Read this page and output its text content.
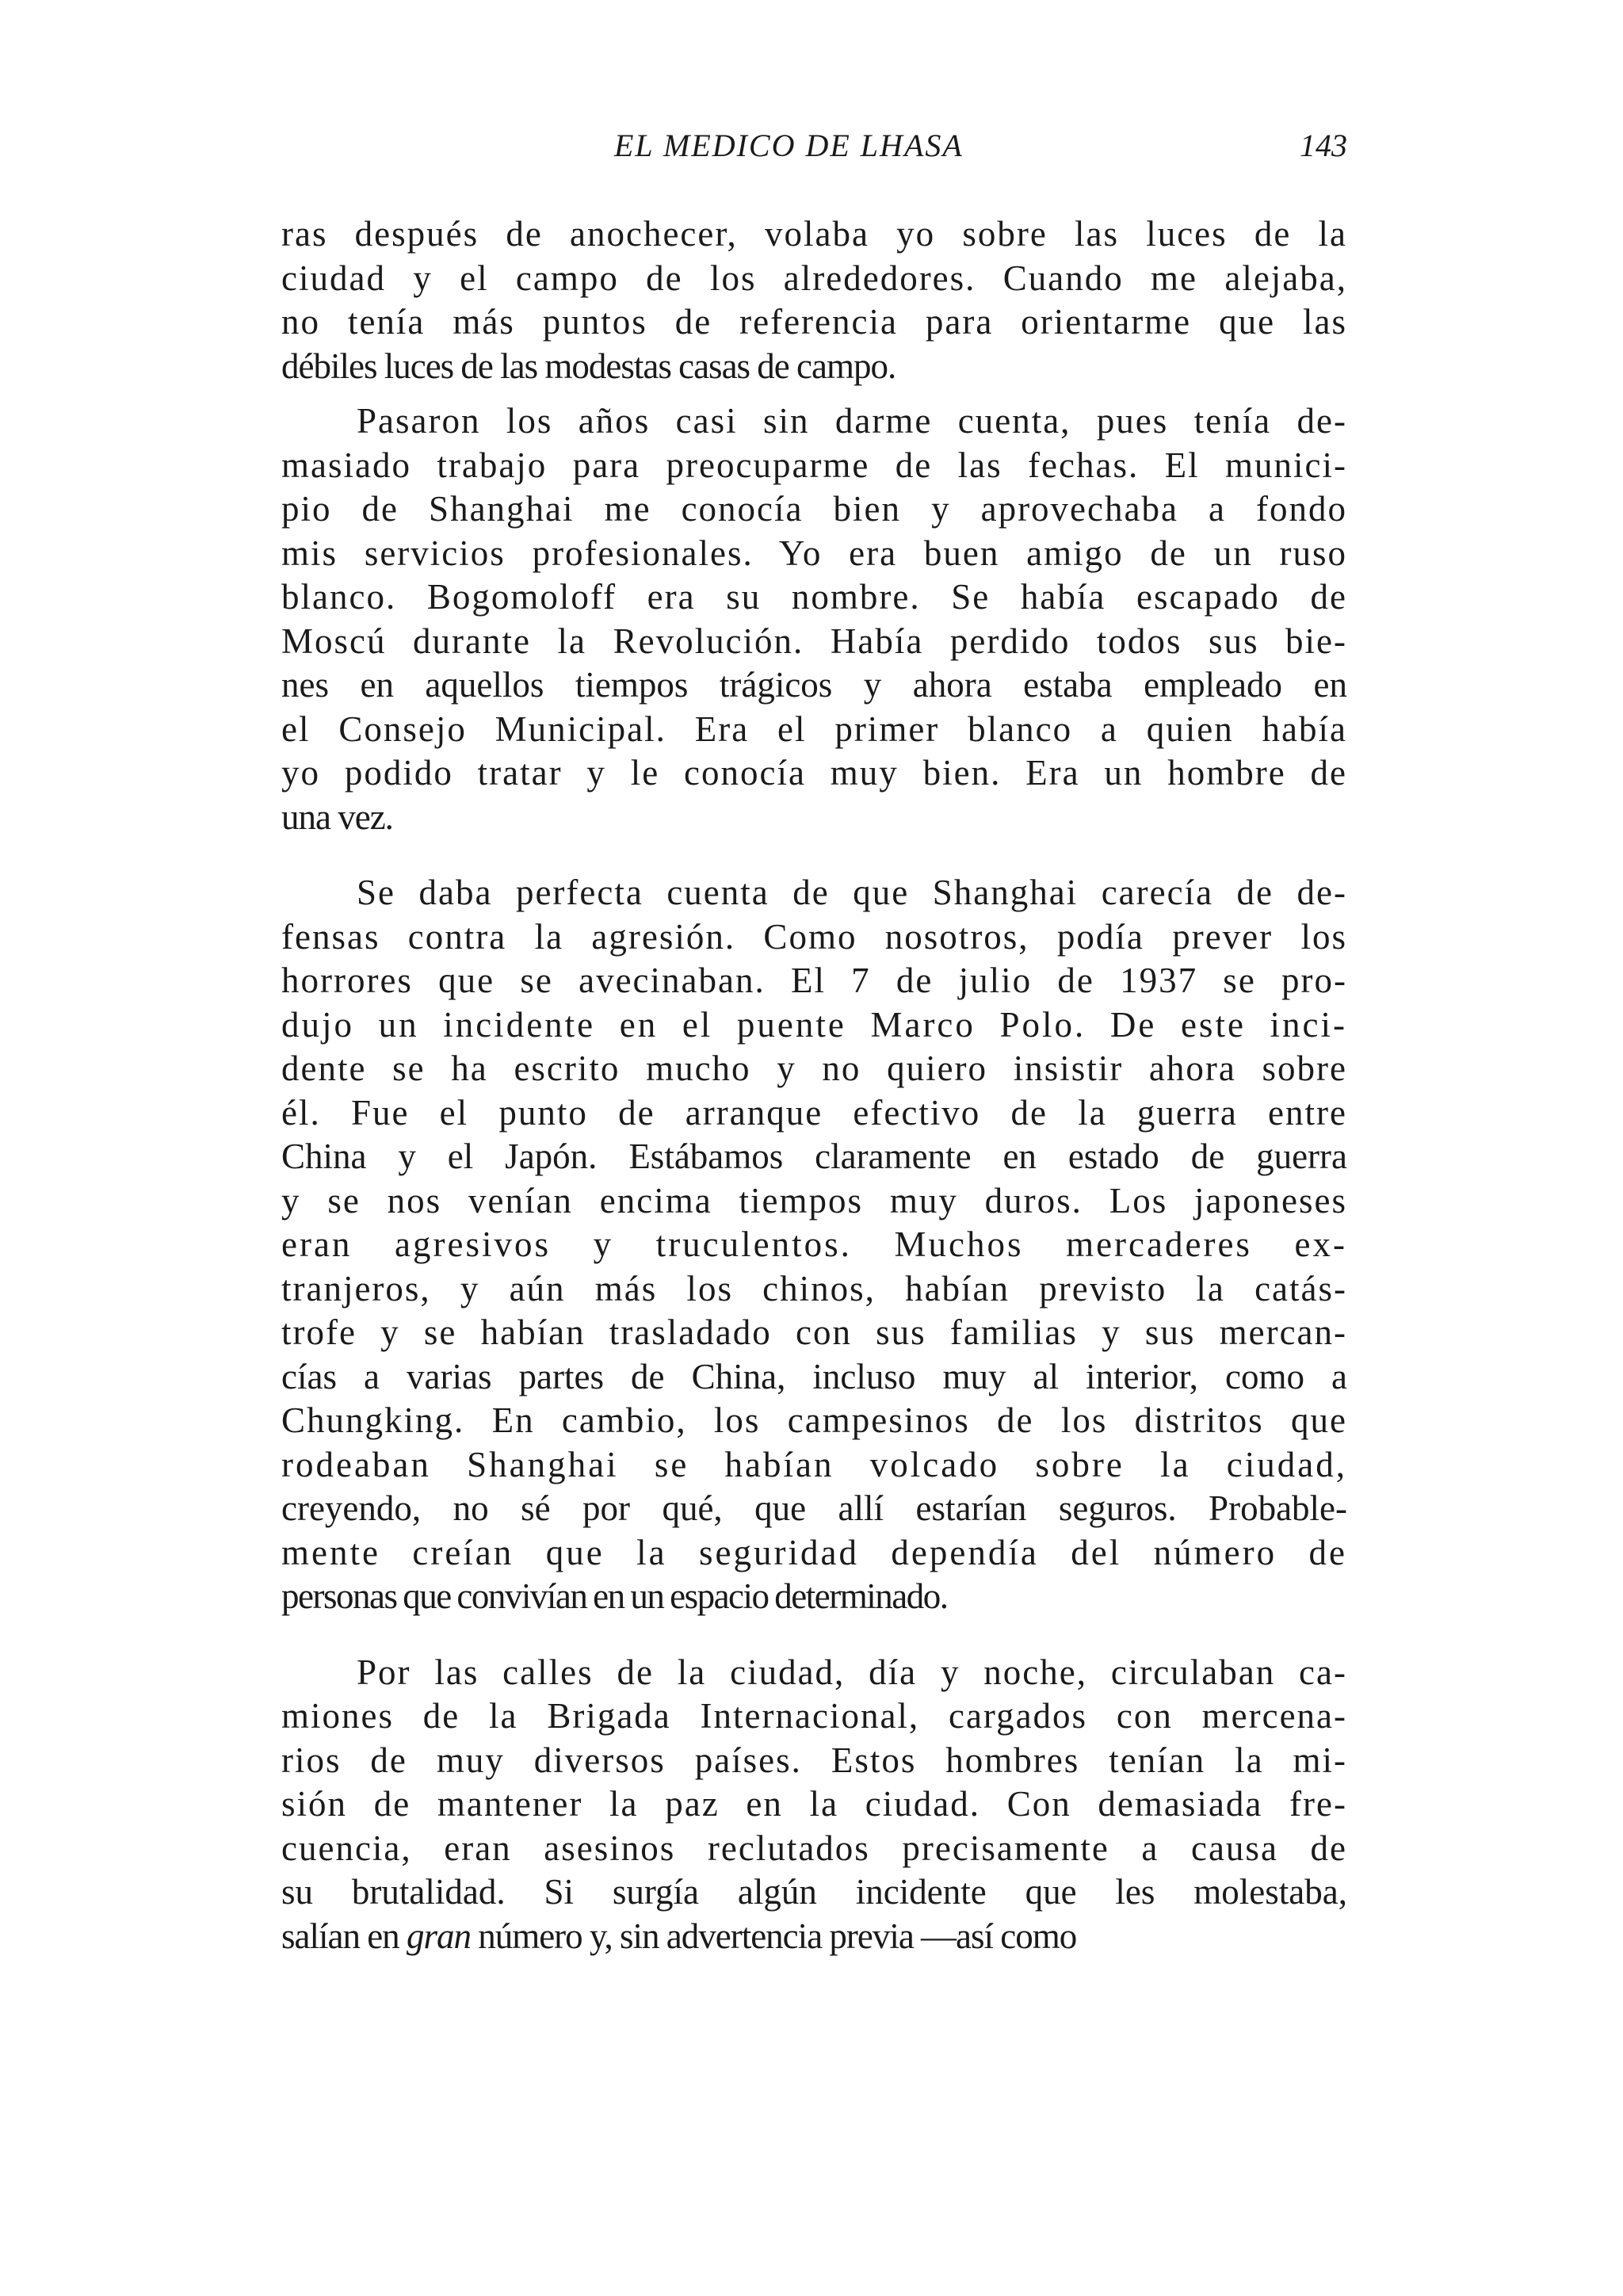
EL MEDICO DE LHASA	143

ras después de anochecer, volaba yo sobre las luces de la
ciudad y el campo de los alrededores. Cuando me alejaba,
no tenía más puntos de referencia para orientarme que las
débiles luces de las modestas casas de campo.

Pasaron los años casi sin darme cuenta, pues tenía de-
masiado trabajo para preocuparme de las fechas. El munici-
pio de Shanghai me conocía bien y aprovechaba a fondo
mis servicios profesionales. Yo era buen amigo de un ruso
blanco. Bogomoloff era su nombre. Se había escapado de
Moscú durante la Revolución. Había perdido todos sus bie-
nes en aquellos tiempos trágicos y ahora estaba empleado en
el Consejo Municipal. Era el primer blanco a quien había
yo podido tratar y le conocía muy bien. Era un hombre de
una vez.

Se daba perfecta cuenta de que Shanghai carecía de de-
fensas contra la agresión. Como nosotros, podía prever los
horrores que se avecinaban. El 7 de julio de 1937 se pro-
dujo un incidente en el puente Marco Polo. De este inci-
dente se ha escrito mucho y no quiero insistir ahora sobre
él. Fue el punto de arranque efectivo de la guerra entre
China y el Japón. Estábamos claramente en estado de guerra
y se nos venían encima tiempos muy duros. Los japoneses
eran agresivos y truculentos. Muchos mercaderes ex-
tranjeros, y aún más los chinos, habían previsto la catás-
trofe y se habían trasladado con sus familias y sus mercan-
cías a varias partes de China, incluso muy al interior, como a
Chungking. En cambio, los campesinos de los distritos que
rodeaban Shanghai se habían volcado sobre la ciudad,
creyendo, no sé por qué, que allí estarían seguros. Probable-
mente creían que la seguridad dependía del número de
personas que convivían en un espacio determinado.

Por las calles de la ciudad, día y noche, circulaban ca-
miones de la Brigada Internacional, cargados con mercena-
rios de muy diversos países. Estos hombres tenían la mi-
sión de mantener la paz en la ciudad. Con demasiada fre-
cuencia, eran asesinos reclutados precisamente a causa de
su brutalidad. Si surgía algún incidente que les molestaba,
salían en gran número y, sin advertencia previa —así como
